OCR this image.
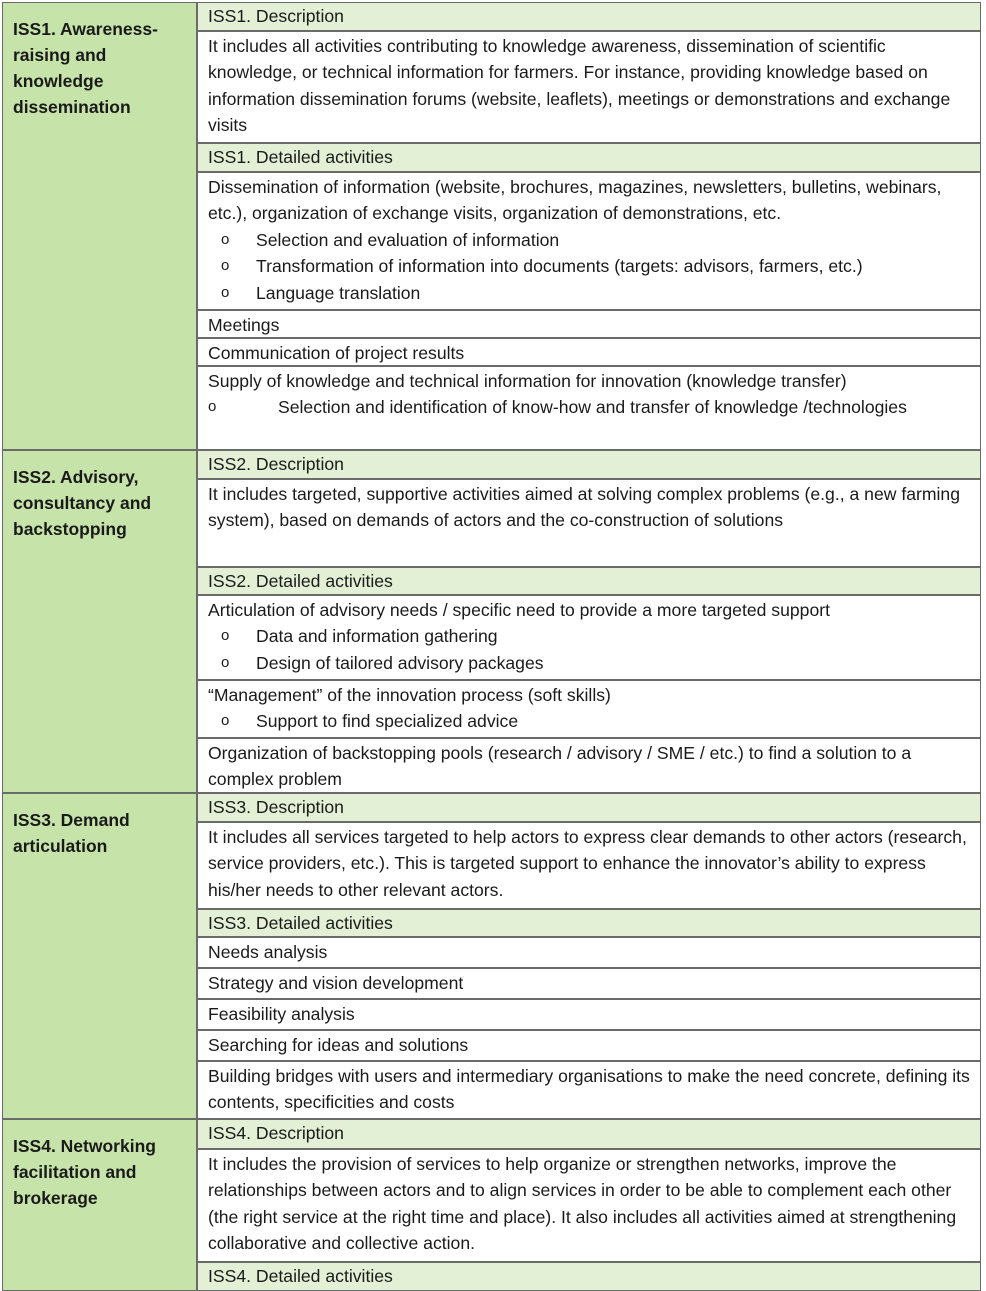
ISS1. Awareness-raising and knowledge dissemination
ISS1. Description
It includes all activities contributing to knowledge awareness, dissemination of scientific knowledge, or technical information for farmers. For instance, providing knowledge based on information dissemination forums (website, leaflets), meetings or demonstrations and exchange visits
ISS1. Detailed activities
Dissemination of information (website, brochures, magazines, newsletters, bulletins, webinars, etc.), organization of exchange visits, organization of demonstrations, etc.
o Selection and evaluation of information
o Transformation of information into documents (targets: advisors, farmers, etc.)
o Language translation
Meetings
Communication of project results
Supply of knowledge and technical information for innovation (knowledge transfer)
o	Selection and identification of know-how and transfer of knowledge /technologies
ISS2. Advisory, consultancy and backstopping
ISS2. Description
It includes targeted, supportive activities aimed at solving complex problems (e.g., a new farming system), based on demands of actors and the co-construction of solutions
ISS2. Detailed activities
Articulation of advisory needs / specific need to provide a more targeted support
o Data and information gathering
o Design of tailored advisory packages
“Management” of the innovation process (soft skills)
o Support to find specialized advice
Organization of backstopping pools (research / advisory / SME / etc.) to find a solution to a complex problem
ISS3. Demand articulation
ISS3. Description
It includes all services targeted to help actors to express clear demands to other actors (research, service providers, etc.). This is targeted support to enhance the innovator’s ability to express his/her needs to other relevant actors.
ISS3. Detailed activities
Needs analysis
Strategy and vision development
Feasibility analysis
Searching for ideas and solutions
Building bridges with users and intermediary organisations to make the need concrete, defining its contents, specificities and costs
ISS4. Networking facilitation and brokerage
ISS4. Description
It includes the provision of services to help organize or strengthen networks, improve the relationships between actors and to align services in order to be able to complement each other (the right service at the right time and place). It also includes all activities aimed at strengthening collaborative and collective action.
ISS4. Detailed activities
